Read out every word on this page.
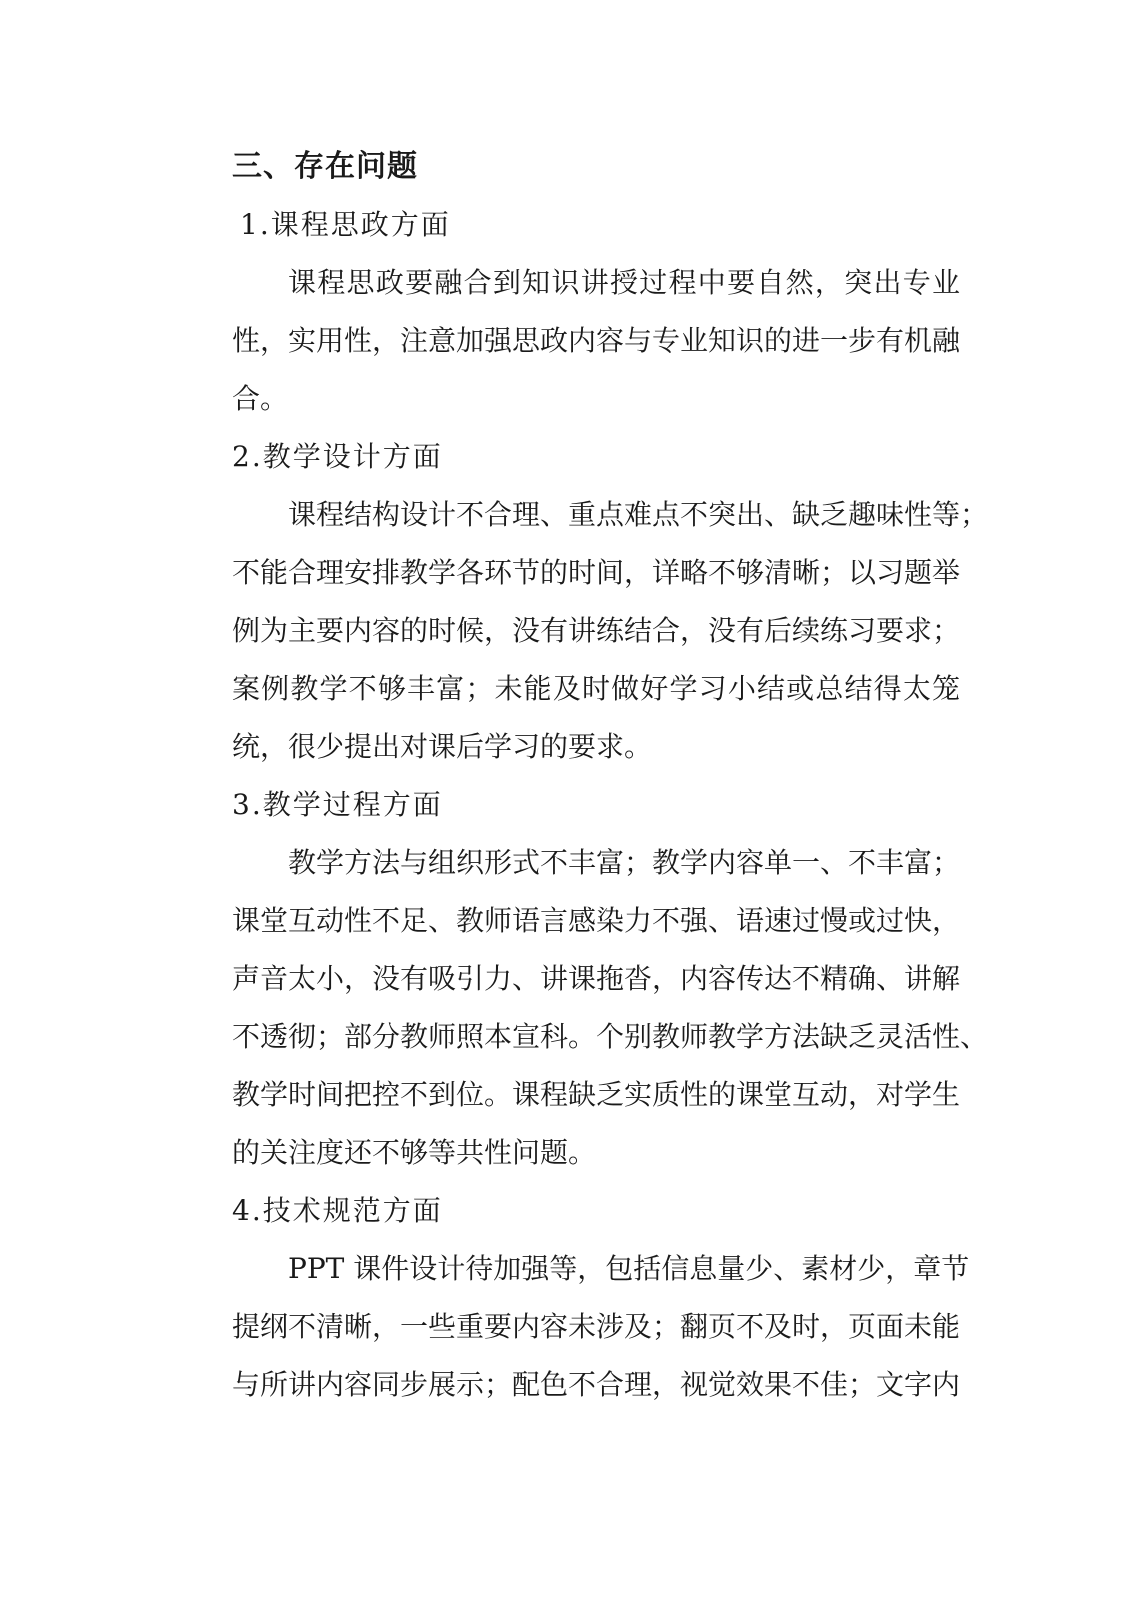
三、存在问题
1.课程思政方面
课程思政要融合到知识讲授过程中要自然，突出专业
性，实用性，注意加强思政内容与专业知识的进一步有机融
合。
2.教学设计方面
课程结构设计不合理、重点难点不突出、缺乏趣味性等；
不能合理安排教学各环节的时间，详略不够清晰；以习题举
例为主要内容的时候，没有讲练结合，没有后续练习要求；
案例教学不够丰富；未能及时做好学习小结或总结得太笼
统，很少提出对课后学习的要求。
3.教学过程方面
教学方法与组织形式不丰富；教学内容单一、不丰富；
课堂互动性不足、教师语言感染力不强、语速过慢或过快，
声音太小，没有吸引力、讲课拖沓，内容传达不精确、讲解
不透彻；部分教师照本宣科。个别教师教学方法缺乏灵活性、
教学时间把控不到位。课程缺乏实质性的课堂互动，对学生
的关注度还不够等共性问题。
4.技术规范方面
PPT 课件设计待加强等，包括信息量少、素材少，章节
提纲不清晰，一些重要内容未涉及；翻页不及时，页面未能
与所讲内容同步展示；配色不合理，视觉效果不佳；文字内
